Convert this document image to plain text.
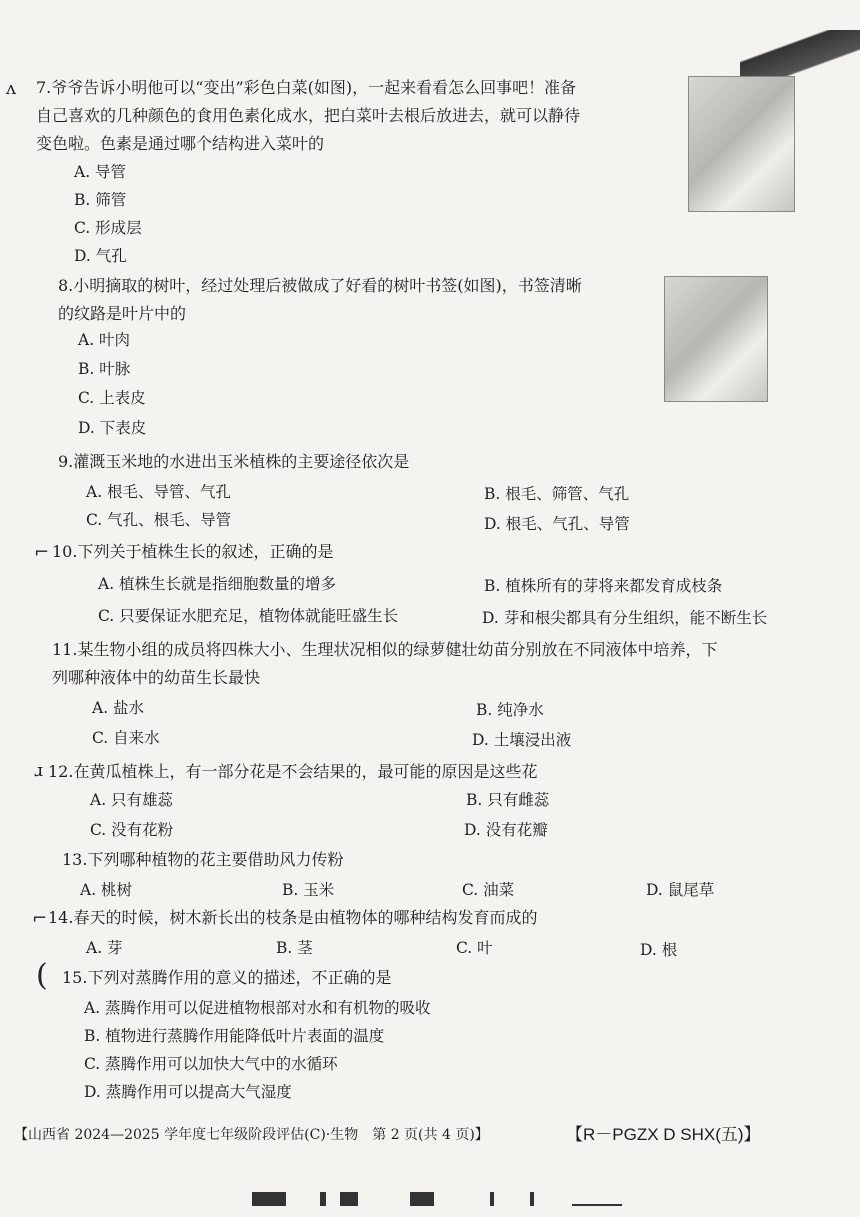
ʌ 7.爷爷告诉小明他可以“变出”彩色白菜(如图)，一起来看看怎么回事吧！准备
自己喜欢的几种颜色的食用色素化成水，把白菜叶去根后放进去，就可以静待
变色啦。色素是通过哪个结构进入菜叶的
A. 导管
B. 筛管
C. 形成层
D. 气孔
8.小明摘取的树叶，经过处理后被做成了好看的树叶书签(如图)，书签清晰
的纹路是叶片中的
A. 叶肉
B. 叶脉
C. 上表皮
D. 下表皮
9.灌溉玉米地的水进出玉米植株的主要途径依次是
A. 根毛、导管、气孔	B. 根毛、筛管、气孔
C. 气孔、根毛、导管	D. 根毛、气孔、导管
⌐ 10.下列关于植株生长的叙述，正确的是
A. 植株生长就是指细胞数量的增多	B. 植株所有的芽将来都发育成枝条
C. 只要保证水肥充足，植物体就能旺盛生长	D. 芽和根尖都具有分生组织，能不断生长
11.某生物小组的成员将四株大小、生理状况相似的绿萝健壮幼苗分别放在不同液体中培养，下
列哪种液体中的幼苗生长最快
A. 盐水	B. 纯净水
C. 自来水	D. 土壤浸出液
ɹ 12.在黄瓜植株上，有一部分花是不会结果的，最可能的原因是这些花
A. 只有雄蕊	B. 只有雌蕊
C. 没有花粉	D. 没有花瓣
13.下列哪种植物的花主要借助风力传粉
A. 桃树	B. 玉米	C. 油菜	D. 鼠尾草
⌐ 14.春天的时候，树木新长出的枝条是由植物体的哪种结构发育而成的
A. 芽	B. 茎	C. 叶	D. 根
( 15.下列对蒸腾作用的意义的描述，不正确的是
A. 蒸腾作用可以促进植物根部对水和有机物的吸收
B. 植物进行蒸腾作用能降低叶片表面的温度
C. 蒸腾作用可以加快大气中的水循环
D. 蒸腾作用可以提高大气湿度
【山西省 2024—2025 学年度七年级阶段评估(C)·生物　第 2 页(共 4 页)】	【R－PGZX D SHX(五)】
